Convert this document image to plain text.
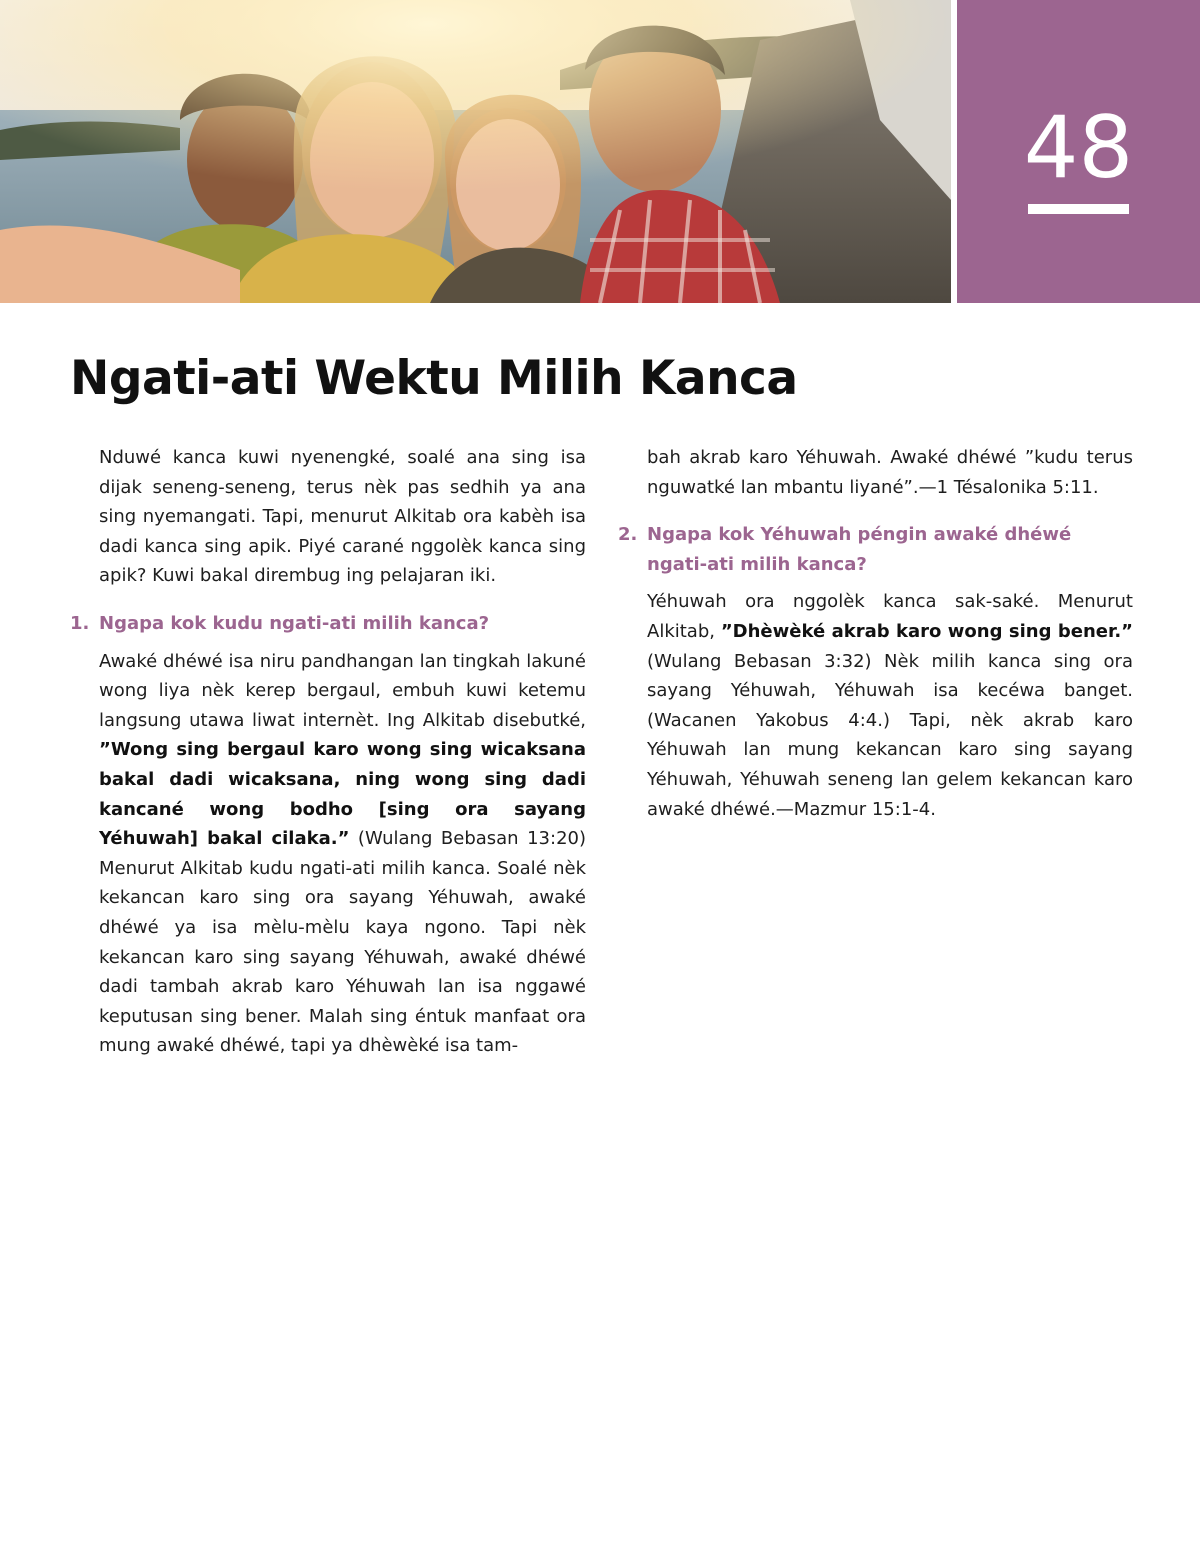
48
Ngati-ati Wektu Milih Kanca

Nduwé kanca kuwi nyenengké, soalé ana sing isa dijak seneng-seneng, terus nèk pas sedhih ya ana sing nyemangati. Tapi, menurut Alkitab ora kabèh isa dadi kanca sing apik. Piyé carané nggolèk kanca sing apik? Kuwi bakal dirembug ing pelajaran iki.

1. Ngapa kok kudu ngati-ati milih kanca?

Awaké dhéwé isa niru pandhangan lan tingkah lakuné wong liya nèk kerep bergaul, embuh kuwi ketemu langsung utawa liwat internèt. Ing Alkitab disebutké, ”Wong sing bergaul karo wong sing wicaksana bakal dadi wicaksana, ning wong sing dadi kancané wong bodho [sing ora sayang Yéhuwah] bakal cilaka.” (Wulang Bebasan 13:20) Menurut Alkitab kudu ngati-ati milih kanca. Soalé nèk kekancan karo sing ora sayang Yéhuwah, awaké dhéwé ya isa mèlu-mèlu kaya ngono. Tapi nèk kekancan karo sing sayang Yéhuwah, awaké dhéwé dadi tambah akrab karo Yéhuwah lan isa nggawé keputusan sing bener. Malah sing éntuk manfaat ora mung awaké dhéwé, tapi ya dhèwèké isa tam-

bah akrab karo Yéhuwah. Awaké dhéwé ”kudu terus nguwatké lan mbantu liyané”.—1 Tésalonika 5:11.

2. Ngapa kok Yéhuwah péngin awaké dhéwé ngati-ati milih kanca?

Yéhuwah ora nggolèk kanca sak-saké. Menurut Alkitab, ”Dhèwèké akrab karo wong sing bener.” (Wulang Bebasan 3:32) Nèk milih kanca sing ora sayang Yéhuwah, Yéhuwah isa kecéwa banget. (Wacanen Yakobus 4:4.) Tapi, nèk akrab karo Yéhuwah lan mung kekancan karo sing sayang Yéhuwah, Yéhuwah seneng lan gelem kekancan karo awaké dhéwé.—Mazmur 15:1-4.
